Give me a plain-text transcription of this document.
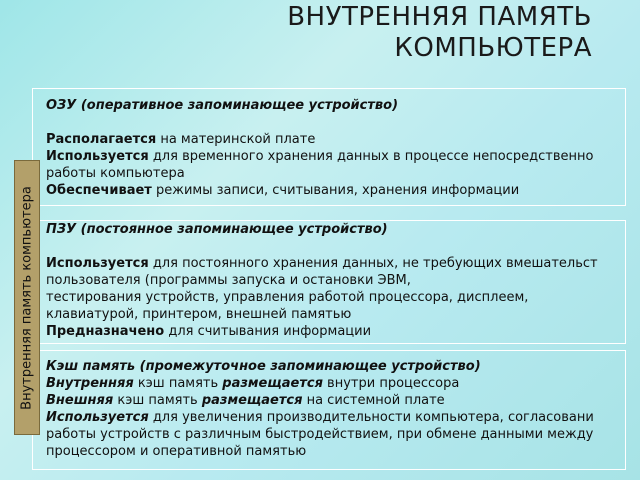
ВНУТРЕННЯЯ ПАМЯТЬ
КОМПЬЮТЕРА
ОЗУ (оперативное запоминающее устройство)
Располагается на материнской плате
Используется для временного хранения данных в процессе непосредственно
работы компьютера
Обеспечивает режимы записи, считывания, хранения информации
ПЗУ (постоянное запоминающее устройство)
Используется для постоянного хранения данных, не требующих вмешательст
пользователя (программы запуска и остановки ЭВМ,
тестирования устройств, управления работой процессора, дисплеем,
клавиатурой, принтером, внешней памятью
Предназначено для считывания информации
Кэш память (промежуточное запоминающее устройство)
Внутренняя кэш память размещается внутри процессора
Внешняя кэш память размещается на системной плате
Используется для увеличения производительности компьютера, согласовани
работы устройств с различным быстродействием, при обмене данными между
процессором и оперативной памятью
Внутренняя память компьютера
